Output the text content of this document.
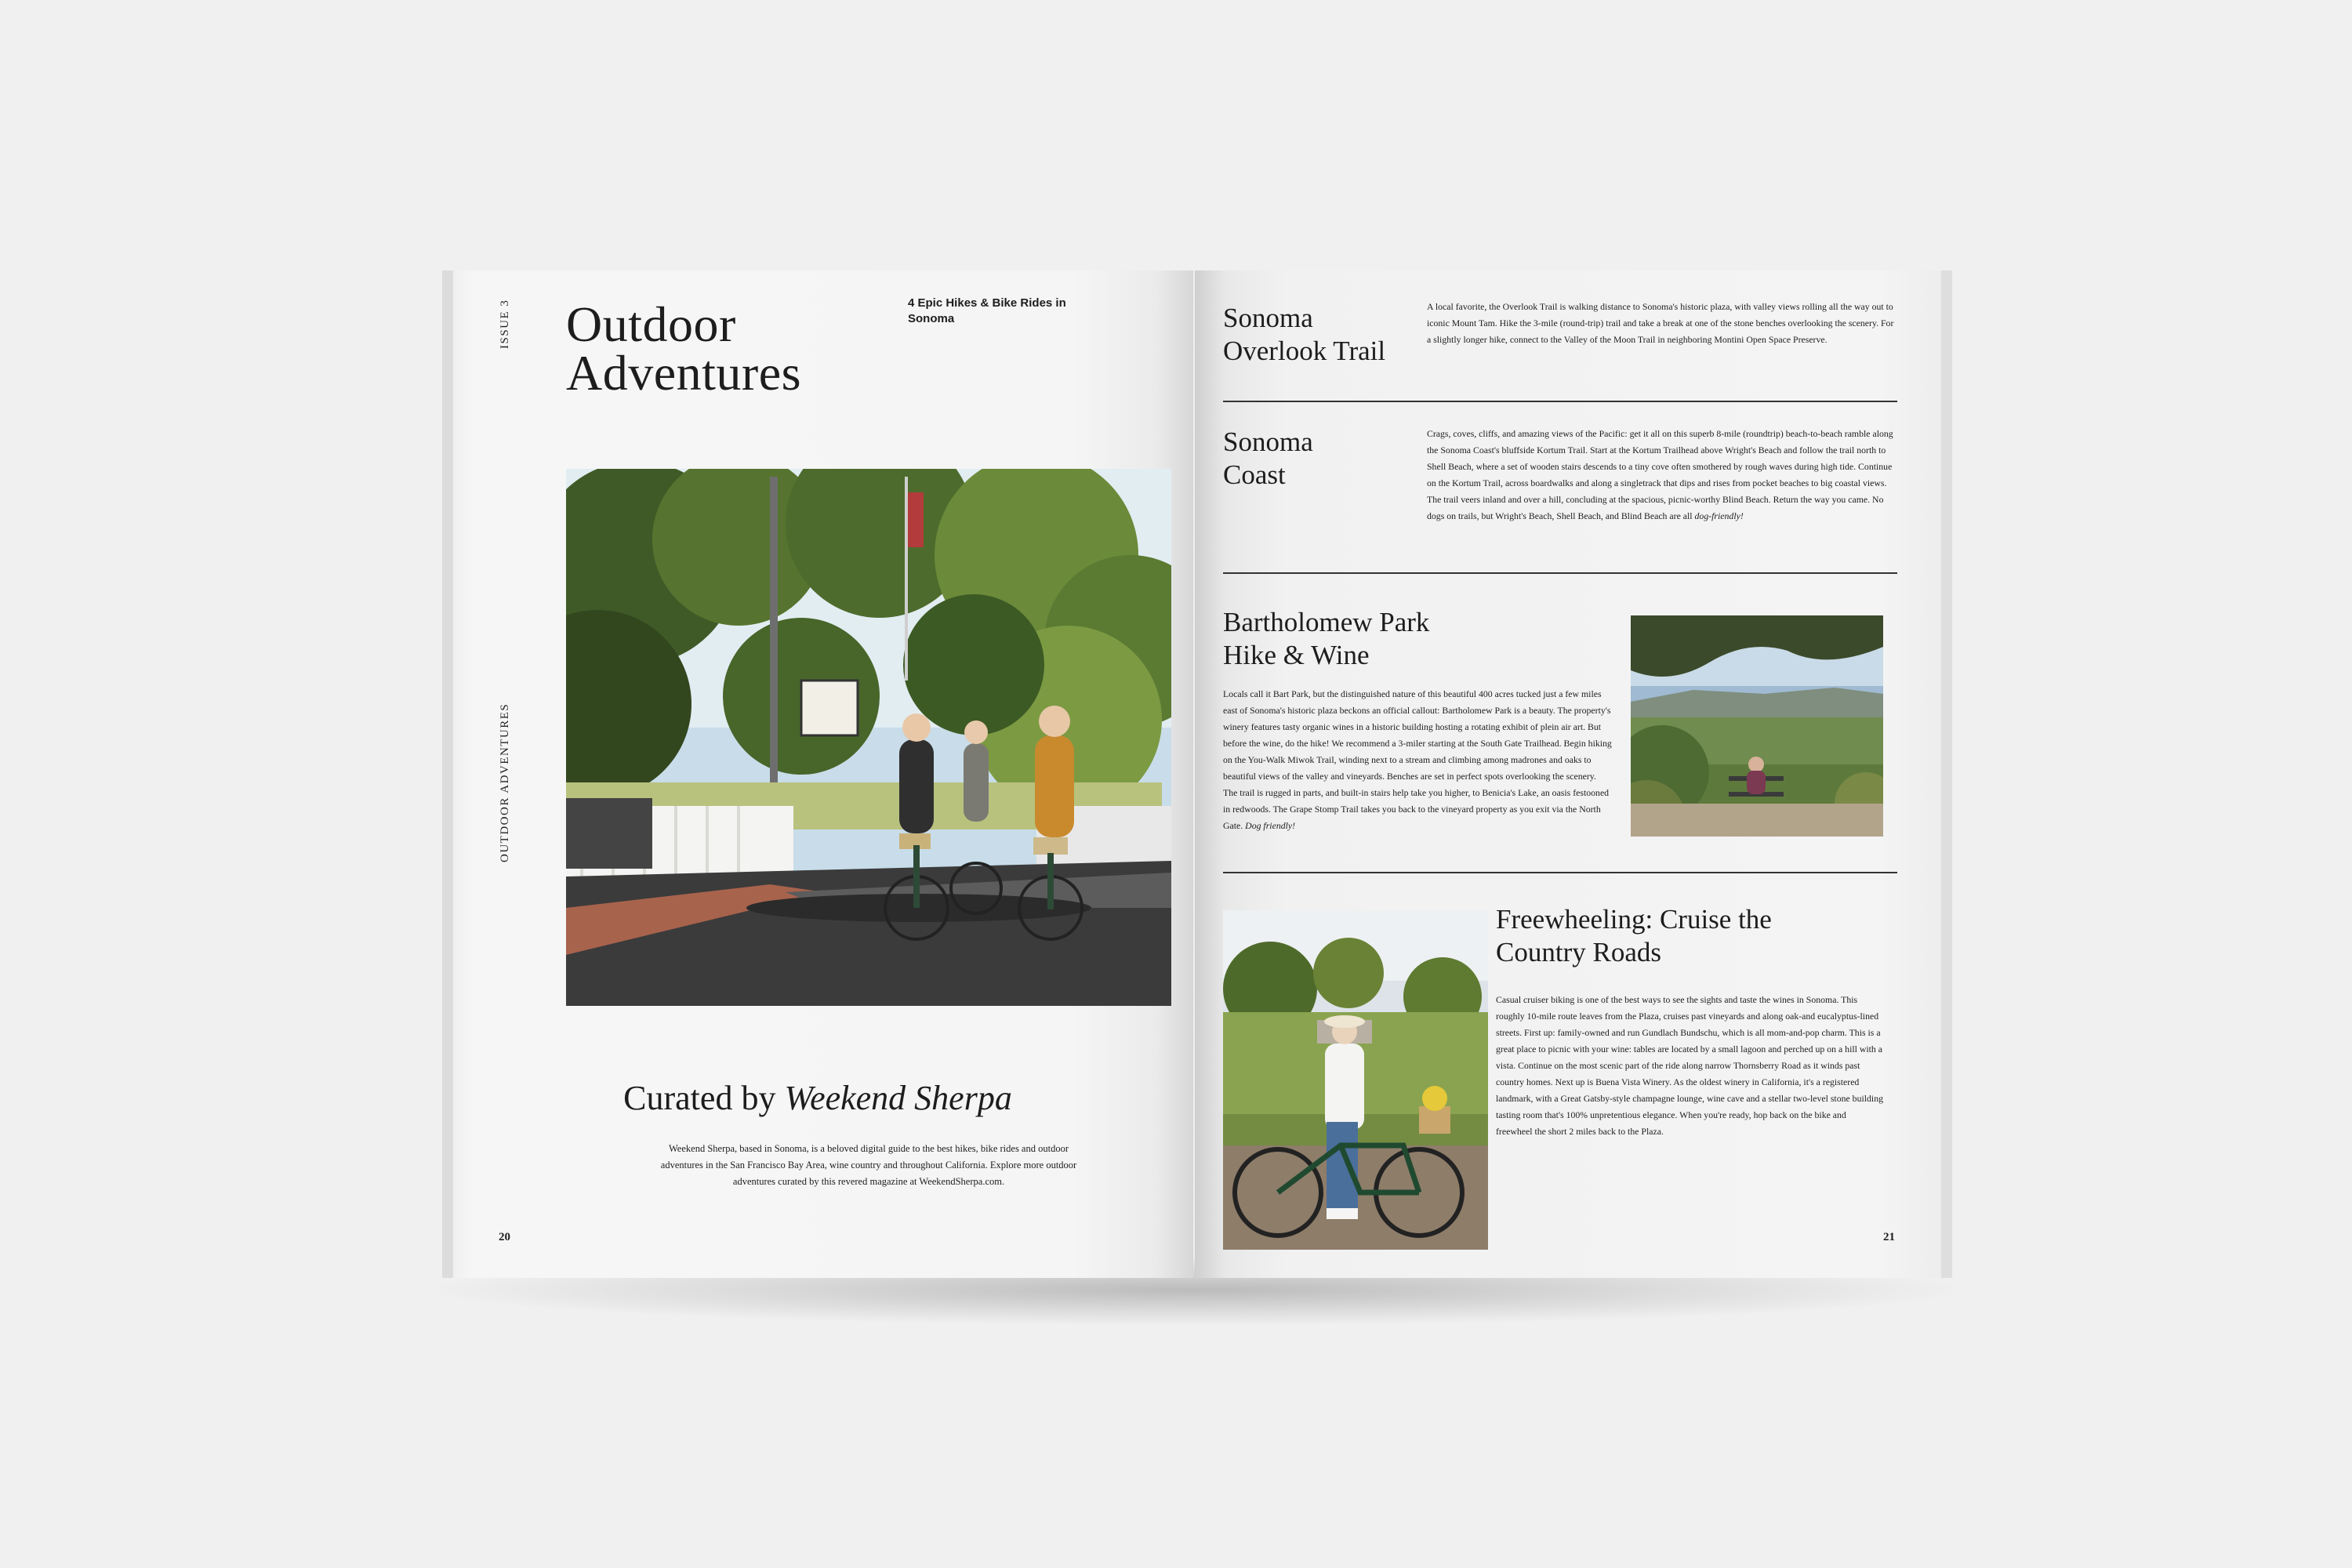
ISSUE 3
OUTDOOR ADVENTURES
Outdoor Adventures
4 Epic Hikes & Bike Rides in Sonoma
Curated by Weekend Sherpa
Weekend Sherpa, based in Sonoma, is a beloved digital guide to the best hikes, bike rides and outdoor adventures in the San Francisco Bay Area, wine country and throughout California. Explore more outdoor adventures curated by this revered magazine at WeekendSherpa.com.
20
Sonoma Overlook Trail
A local favorite, the Overlook Trail is walking distance to Sonoma's historic plaza, with valley views rolling all the way out to iconic Mount Tam. Hike the 3-mile (round-trip) trail and take a break at one of the stone benches overlooking the scenery. For a slightly longer hike, connect to the Valley of the Moon Trail in neighboring Montini Open Space Preserve.
Sonoma Coast
Crags, coves, cliffs, and amazing views of the Pacific: get it all on this superb 8-mile (roundtrip) beach-to-beach ramble along the Sonoma Coast's bluffside Kortum Trail. Start at the Kortum Trailhead above Wright's Beach and follow the trail north to Shell Beach, where a set of wooden stairs descends to a tiny cove often smothered by rough waves during high tide. Continue on the Kortum Trail, across boardwalks and along a singletrack that dips and rises from pocket beaches to big coastal views. The trail veers inland and over a hill, concluding at the spacious, picnic-worthy Blind Beach. Return the way you came. No dogs on trails, but Wright's Beach, Shell Beach, and Blind Beach are all dog-friendly!
Bartholomew Park Hike & Wine
Locals call it Bart Park, but the distinguished nature of this beautiful 400 acres tucked just a few miles east of Sonoma's historic plaza beckons an official callout: Bartholomew Park is a beauty. The property's winery features tasty organic wines in a historic building hosting a rotating exhibit of plein air art. But before the wine, do the hike! We recommend a 3-miler starting at the South Gate Trailhead. Begin hiking on the You-Walk Miwok Trail, winding next to a stream and climbing among madrones and oaks to beautiful views of the valley and vineyards. Benches are set in perfect spots overlooking the scenery. The trail is rugged in parts, and built-in stairs help take you higher, to Benicia's Lake, an oasis festooned in redwoods. The Grape Stomp Trail takes you back to the vineyard property as you exit via the North Gate. Dog friendly!
Freewheeling: Cruise the Country Roads
Casual cruiser biking is one of the best ways to see the sights and taste the wines in Sonoma. This roughly 10-mile route leaves from the Plaza, cruises past vineyards and along oak-and eucalyptus-lined streets. First up: family-owned and run Gundlach Bundschu, which is all mom-and-pop charm. This is a great place to picnic with your wine: tables are located by a small lagoon and perched up on a hill with a vista. Continue on the most scenic part of the ride along narrow Thornsberry Road as it winds past country homes. Next up is Buena Vista Winery. As the oldest winery in California, it's a registered landmark, with a Great Gatsby-style champagne lounge, wine cave and a stellar two-level stone building tasting room that's 100% unpretentious elegance. When you're ready, hop back on the bike and freewheel the short 2 miles back to the Plaza.
21
